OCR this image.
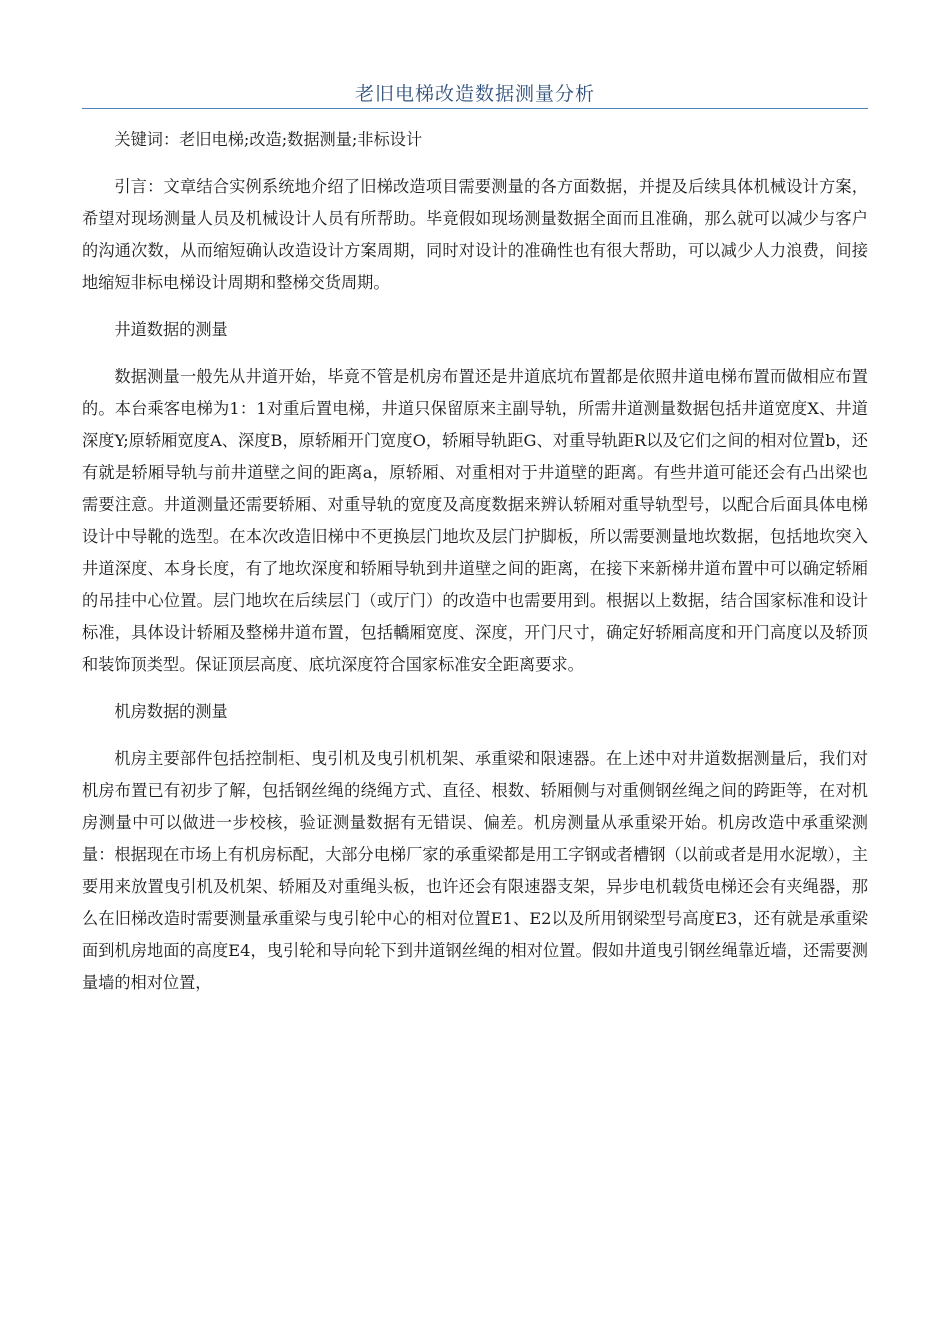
老旧电梯改造数据测量分析

关键词：老旧电梯;改造;数据测量;非标设计

引言：文章结合实例系统地介绍了旧梯改造项目需要测量的各方面数据，并提及后续具体机械设计方案，希望对现场测量人员及机械设计人员有所帮助。毕竟假如现场测量数据全面而且准确，那么就可以减少与客户的沟通次数，从而缩短确认改造设计方案周期，同时对设计的准确性也有很大帮助，可以减少人力浪费，间接地缩短非标电梯设计周期和整梯交货周期。

井道数据的测量

数据测量一般先从井道开始，毕竟不管是机房布置还是井道底坑布置都是依照井道电梯布置而做相应布置的。本台乘客电梯为1：1对重后置电梯，井道只保留原来主副导轨，所需井道测量数据包括井道宽度X、井道深度Y;原轿厢宽度A、深度B，原轿厢开门宽度O，轿厢导轨距G、对重导轨距R以及它们之间的相对位置b，还有就是轿厢导轨与前井道壁之间的距离a，原轿厢、对重相对于井道壁的距离。有些井道可能还会有凸出梁也需要注意。井道测量还需要轿厢、对重导轨的宽度及高度数据来辨认轿厢对重导轨型号，以配合后面具体电梯设计中导靴的选型。在本次改造旧梯中不更换层门地坎及层门护脚板，所以需要测量地坎数据，包括地坎突入井道深度、本身长度，有了地坎深度和轿厢导轨到井道壁之间的距离，在接下来新梯井道布置中可以确定轿厢的吊挂中心位置。层门地坎在后续层门（或厅门）的改造中也需要用到。根据以上数据，结合国家标准和设计标准，具体设计轿厢及整梯井道布置，包括轎厢宽度、深度，开门尺寸，确定好轿厢高度和开门高度以及轿顶和装饰顶类型。保证顶层高度、底坑深度符合国家标准安全距离要求。

机房数据的测量

机房主要部件包括控制柜、曳引机及曳引机机架、承重梁和限速器。在上述中对井道数据测量后，我们对机房布置已有初步了解，包括钢丝绳的绕绳方式、直径、根数、轿厢侧与对重侧钢丝绳之间的跨距等，在对机房测量中可以做进一步校核，验证测量数据有无错误、偏差。机房测量从承重梁开始。机房改造中承重梁测量：根据现在市场上有机房标配，大部分电梯厂家的承重梁都是用工字钢或者槽钢（以前或者是用水泥墩），主要用来放置曳引机及机架、轿厢及对重绳头板，也许还会有限速器支架，异步电机载货电梯还会有夹绳器，那么在旧梯改造时需要测量承重梁与曳引轮中心的相对位置E1、E2以及所用钢梁型号高度E3，还有就是承重梁面到机房地面的高度E4，曳引轮和导向轮下到井道钢丝绳的相对位置。假如井道曳引钢丝绳靠近墙，还需要测量墙的相对位置，
